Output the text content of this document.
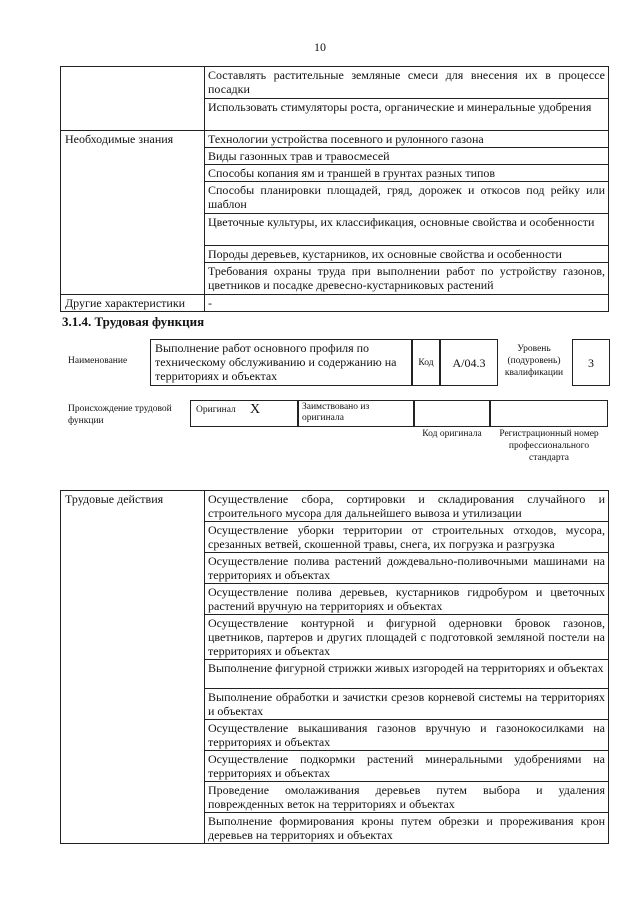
10
	Составлять растительные земляные смеси для внесения их в процессе посадки
	Использовать стимуляторы роста, органические и минеральные удобрения
Необходимые знания	Технологии устройства посевного и рулонного газона
	Виды газонных трав и травосмесей
	Способы копания ям и траншей в грунтах разных типов
	Способы планировки площадей, гряд, дорожек и откосов под рейку или шаблон
	Цветочные культуры, их классификация, основные свойства и особенности
	Породы деревьев, кустарников, их основные свойства и особенности
	Требования охраны труда при выполнении работ по устройству газонов, цветников и посадке древесно-кустарниковых растений
Другие характеристики	-
3.1.4. Трудовая функция
Наименование
Выполнение работ основного профиля по техническому обслуживанию и содержанию на территориях и объектах
Код	A/04.3
Уровень (подуровень) квалификации
3
Происхождение трудовой функции
Оригинал X	Заимствовано из оригинала
Код оригинала	Регистрационный номер профессионального стандарта
Трудовые действия	Осуществление сбора, сортировки и складирования случайного и строительного мусора для дальнейшего вывоза и утилизации
Осуществление уборки территории от строительных отходов, мусора, срезанных ветвей, скошенной травы, снега, их погрузка и разгрузка
Осуществление полива растений дождевально-поливочными машинами на территориях и объектах
Осуществление полива деревьев, кустарников гидробуром и цветочных растений вручную на территориях и объектах
Осуществление контурной и фигурной одерновки бровок газонов, цветников, партеров и других площадей с подготовкой земляной постели на территориях и объектах
Выполнение фигурной стрижки живых изгородей на территориях и объектах
Выполнение обработки и зачистки срезов корневой системы на территориях и объектах
Осуществление выкашивания газонов вручную и газонокосилками на территориях и объектах
Осуществление подкормки растений минеральными удобрениями на территориях и объектах
Проведение омолаживания деревьев путем выбора и удаления поврежденных веток на территориях и объектах
Выполнение формирования кроны путем обрезки и прореживания крон деревьев на территориях и объектах
